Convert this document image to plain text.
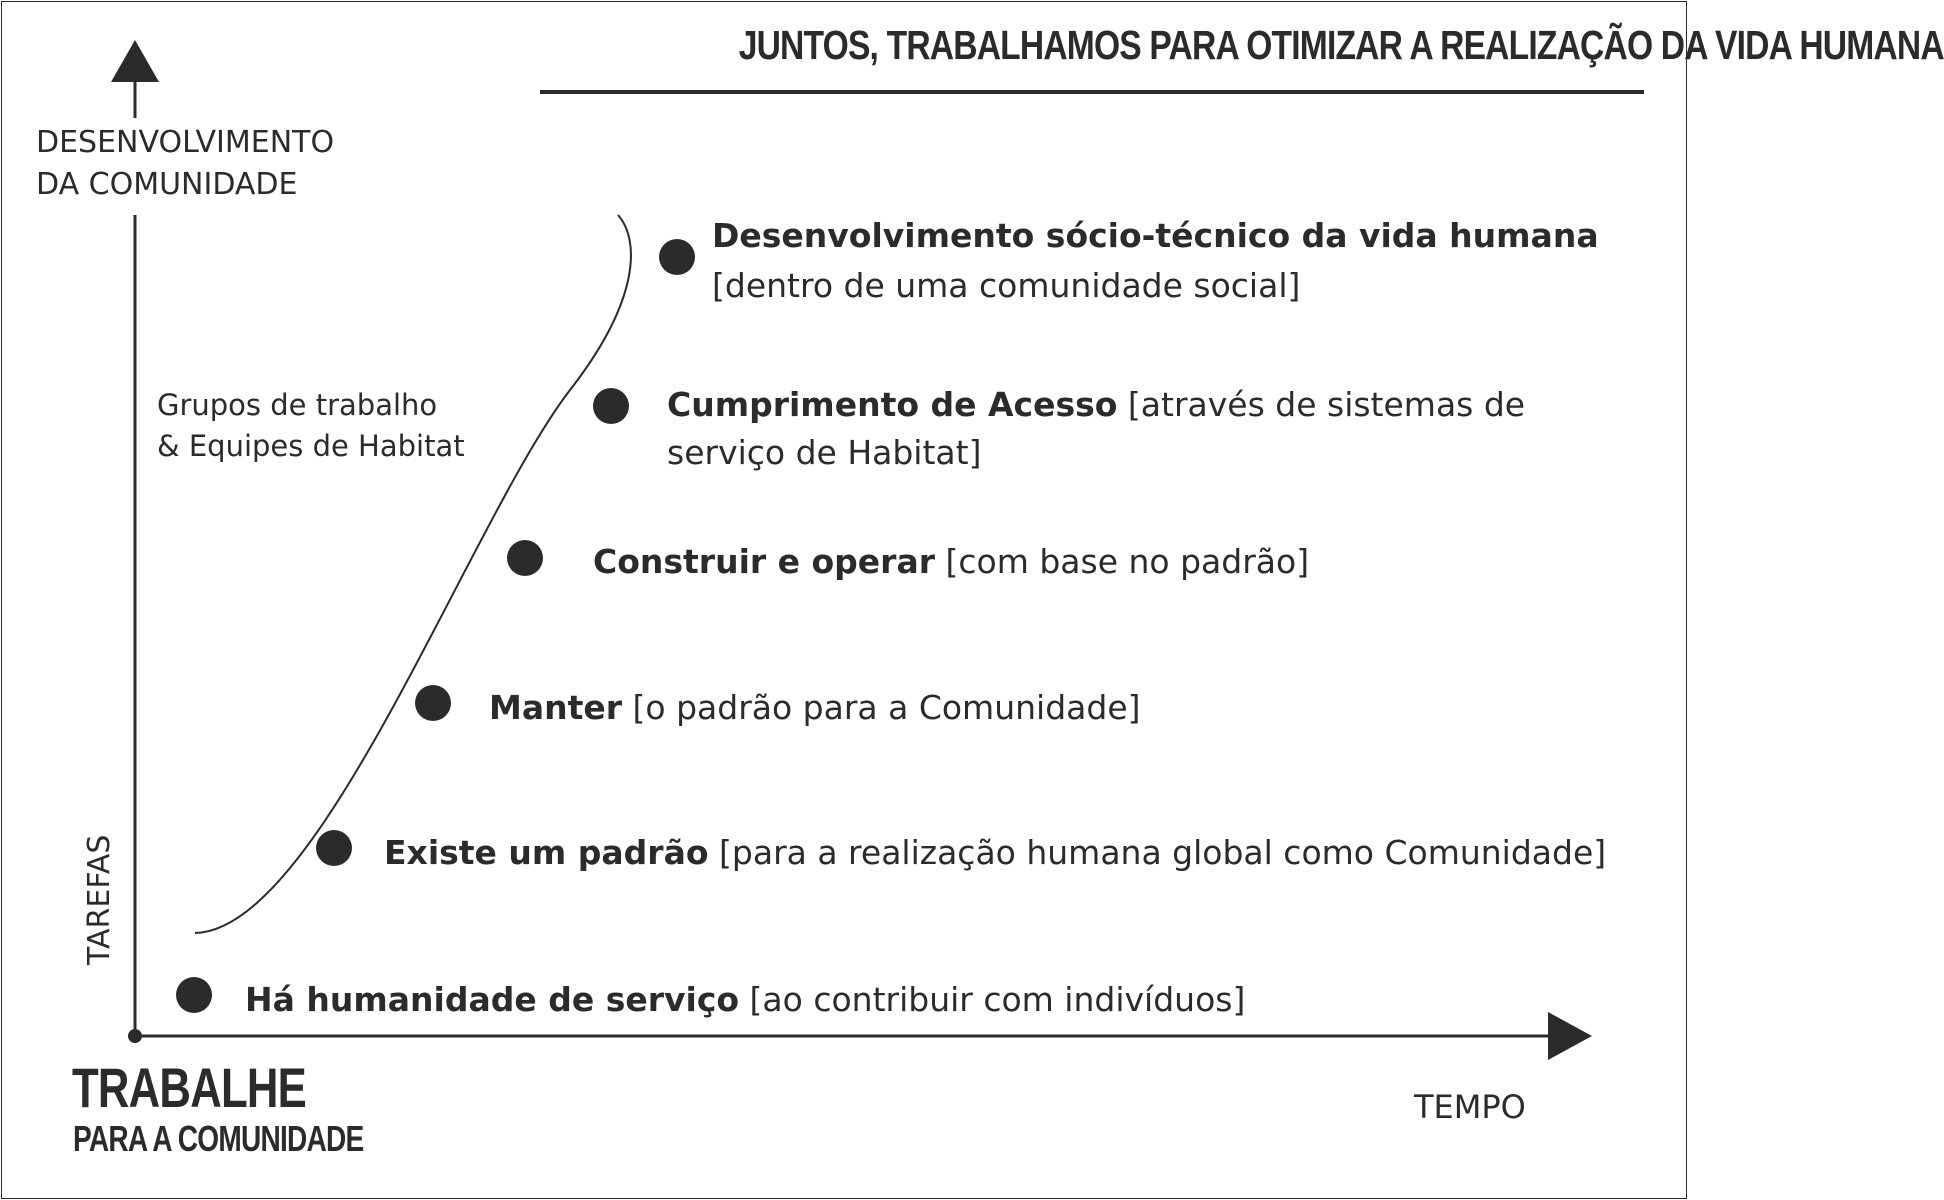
JUNTOS, TRABALHAMOS PARA OTIMIZAR A REALIZAÇÃO DA VIDA HUMANA
DESENVOLVIMENTO
DA COMUNIDADE
TAREFAS
Grupos de trabalho
& Equipes de Habitat
Desenvolvimento sócio-técnico da vida humana
[dentro de uma comunidade social]
Cumprimento de Acesso [através de sistemas de
serviço de Habitat]
Construir e operar [com base no padrão]
Manter [o padrão para a Comunidade]
Existe um padrão [para a realização humana global como Comunidade]
Há humanidade de serviço [ao contribuir com indivíduos]
TRABALHE
PARA A COMUNIDADE
TEMPO
